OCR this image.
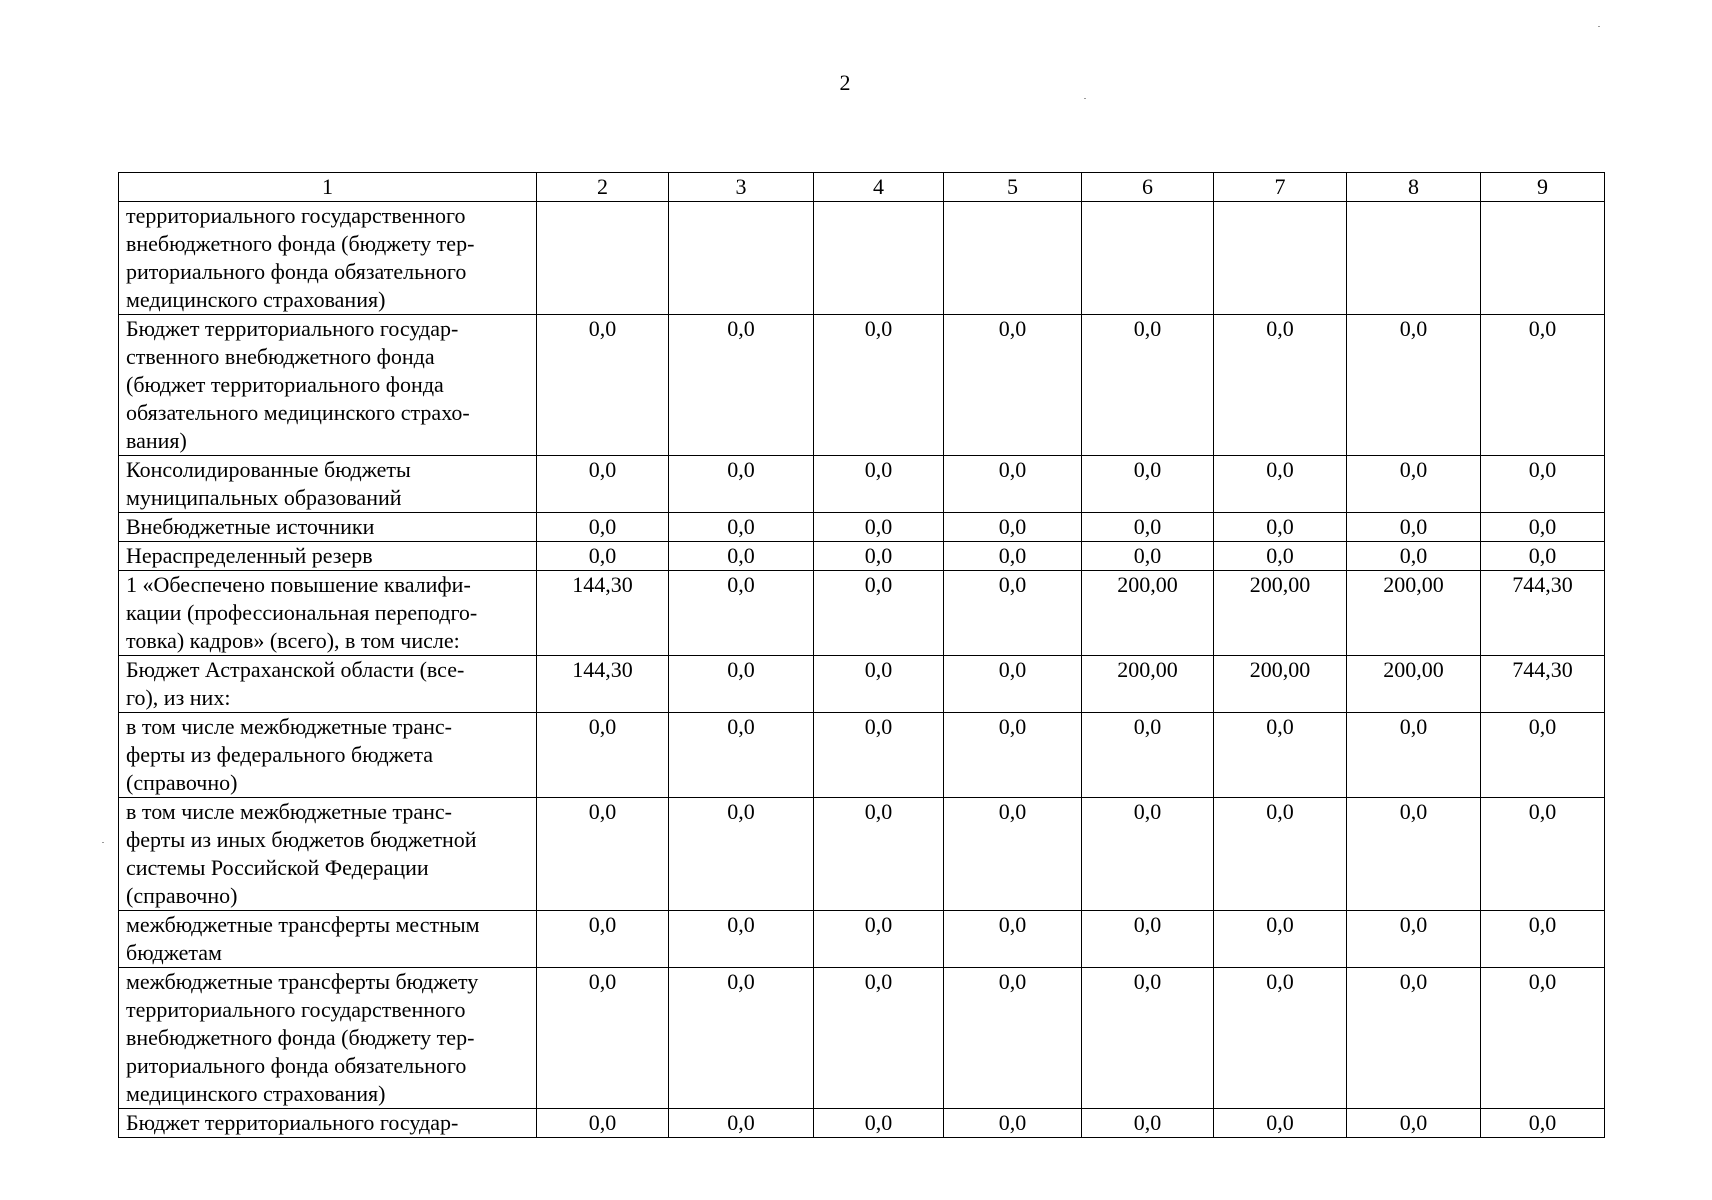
2
1	2	3	4	5	6	7	8	9

территориального государственного
внебюджетного фонда (бюджету тер-
риториального фонда обязательного
медицинского страхования)								

Бюджет территориального государ-
ственного внебюджетного фонда
(бюджет территориального фонда
обязательного медицинского страхо-
вания)	0,0	0,0	0,0	0,0	0,0	0,0	0,0	0,0

Консолидированные бюджеты
муниципальных образований	0,0	0,0	0,0	0,0	0,0	0,0	0,0	0,0

Внебюджетные источники	0,0	0,0	0,0	0,0	0,0	0,0	0,0	0,0

Нераспределенный резерв	0,0	0,0	0,0	0,0	0,0	0,0	0,0	0,0

1 «Обеспечено повышение квалифи-
кации (профессиональная переподго-
товка) кадров» (всего), в том числе:	144,30	0,0	0,0	0,0	200,00	200,00	200,00	744,30

Бюджет Астраханской области (все-
го), из них:	144,30	0,0	0,0	0,0	200,00	200,00	200,00	744,30

в том числе межбюджетные транс-
ферты из федерального бюджета
(справочно)	0,0	0,0	0,0	0,0	0,0	0,0	0,0	0,0

в том числе межбюджетные транс-
ферты из иных бюджетов бюджетной
системы Российской Федерации
(справочно)	0,0	0,0	0,0	0,0	0,0	0,0	0,0	0,0

межбюджетные трансферты местным
бюджетам	0,0	0,0	0,0	0,0	0,0	0,0	0,0	0,0

межбюджетные трансферты бюджету
территориального государственного
внебюджетного фонда (бюджету тер-
риториального фонда обязательного
медицинского страхования)	0,0	0,0	0,0	0,0	0,0	0,0	0,0	0,0

Бюджет территориального государ-	0,0	0,0	0,0	0,0	0,0	0,0	0,0	0,0
